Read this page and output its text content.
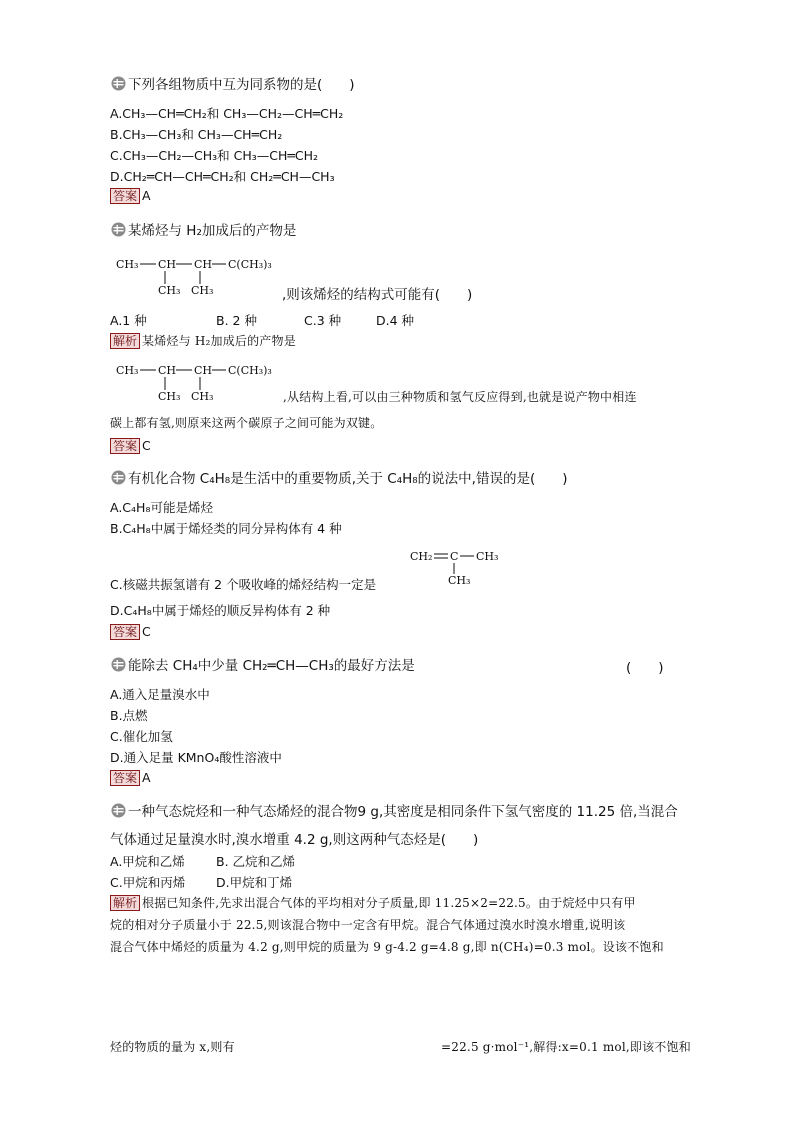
下列各组物质中互为同系物的是(　　)
A.CH₃—CH═CH₂和 CH₃—CH₂—CH═CH₂
B.CH₃—CH₃和 CH₃—CH═CH₂
C.CH₃—CH₂—CH₃和 CH₃—CH═CH₂
D.CH₂═CH—CH═CH₂和 CH₂═CH—CH₃
答案 A
某烯烃与 H₂加成后的产物是
CH₃ CH CH C(CH₃)₃
CH₃ CH₃	,则该烯烃的结构式可能有(　　)
A.1 种	B. 2 种	C.3 种	D.4 种
解析 某烯烃与 H₂加成后的产物是
CH₃ CH CH C(CH₃)₃
CH₃ CH₃	,从结构上看,可以由三种物质和氢气反应得到,也就是说产物中相连
碳上都有氢,则原来这两个碳原子之间可能为双键。
答案 C
有机化合物 C₄H₈是生活中的重要物质,关于 C₄H₈的说法中,错误的是(　　)
A.C₄H₈可能是烯烃
B.C₄H₈中属于烯烃类的同分异构体有 4 种
CH₂ C CH₃
CH₃
C.核磁共振氢谱有 2 个吸收峰的烯烃结构一定是
D.C₄H₈中属于烯烃的顺反异构体有 2 种
答案 C
能除去 CH₄中少量 CH₂═CH—CH₃的最好方法是	(　　)
A.通入足量溴水中
B.点燃
C.催化加氢
D.通入足量 KMnO₄酸性溶液中
答案 A
一种气态烷烃和一种气态烯烃的混合物9 g,其密度是相同条件下氢气密度的 11.25 倍,当混合
气体通过足量溴水时,溴水增重 4.2 g,则这两种气态烃是(　　)
A.甲烷和乙烯 B. 乙烷和乙烯
C.甲烷和丙烯 D.甲烷和丁烯
解析 根据已知条件,先求出混合气体的平均相对分子质量,即 11.25×2=22.5。由于烷烃中只有甲
烷的相对分子质量小于 22.5,则该混合物中一定含有甲烷。混合气体通过溴水时溴水增重,说明该
混合气体中烯烃的质量为 4.2 g,则甲烷的质量为 9 g-4.2 g=4.8 g,即 n(CH₄)=0.3 mol。设该不饱和
烃的物质的量为 x,则有	=22.5 g·mol⁻¹,解得:x=0.1 mol,即该不饱和
